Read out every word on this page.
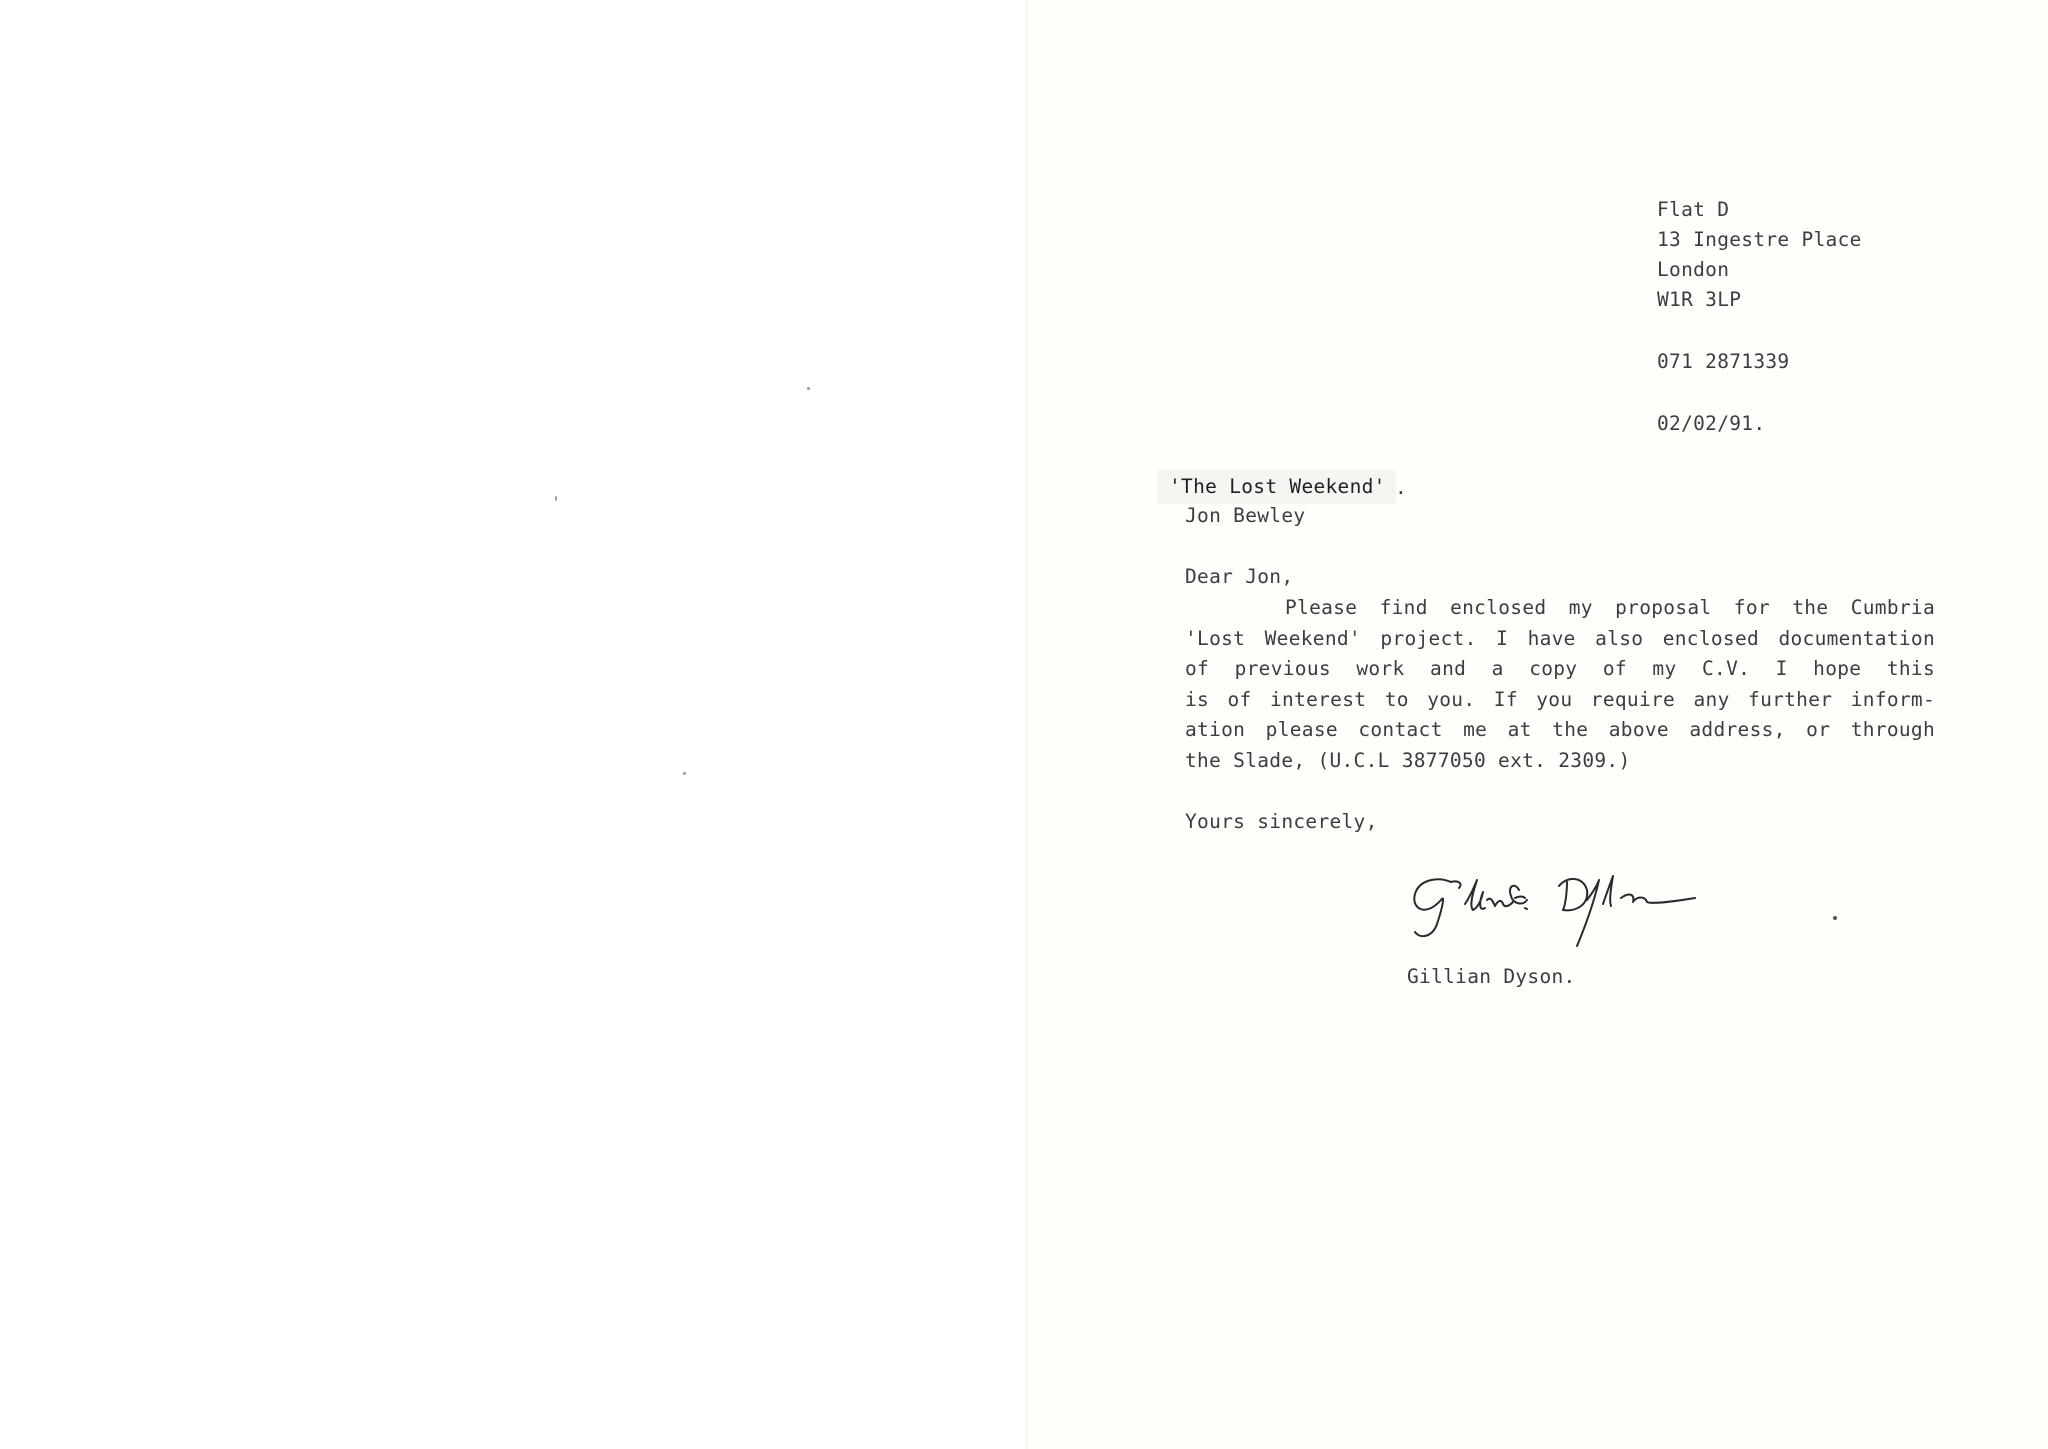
Flat D
13 Ingestre Place
London
W1R 3LP
071 2871339
02/02/91.
'The Lost Weekend' .
Jon Bewley
Dear Jon,
Please find enclosed my proposal for the Cumbria
'Lost Weekend' project. I have also enclosed documentation
of previous work and a copy of my C.V. I hope this
is of interest to you. If you require any further inform-
ation please contact me at the above address, or through
the Slade, (U.C.L 3877050 ext. 2309.)
Yours sincerely,
Gillian Dyson.
